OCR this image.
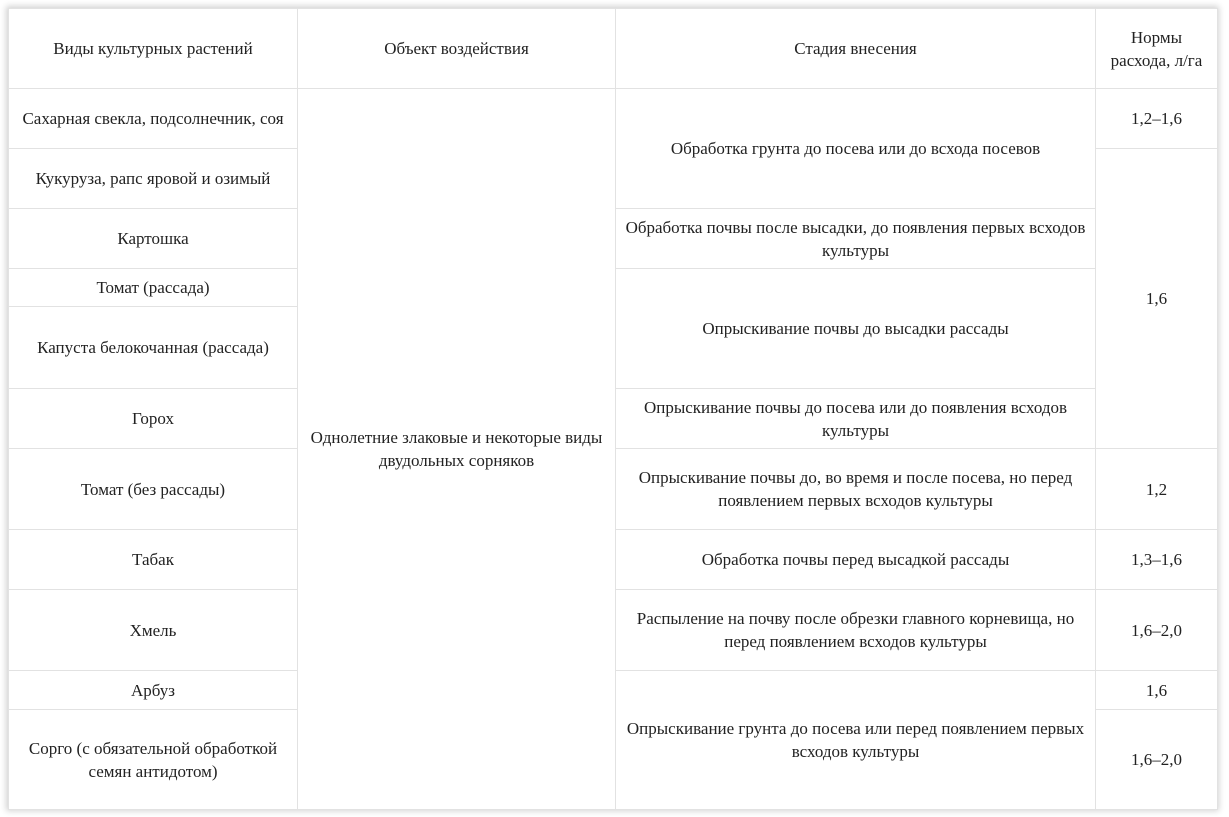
Виды культурных растений	Объект воздействия	Стадия внесения	Нормы расхода, л/га
Сахарная свекла, подсолнечник, соя	Однолетние злаковые и некоторые виды двудольных сорняков	Обработка грунта до посева или до всхода посевов	1,2–1,6
Кукуруза, рапс яровой и озимый			1,6
Картошка		Обработка почвы после высадки, до появления первых всходов культуры	
Томат (рассада)		Опрыскивание почвы до высадки рассады	
Капуста белокочанная (рассада)			
Горох		Опрыскивание почвы до посева или до появления всходов культуры	
Томат (без рассады)		Опрыскивание почвы до, во время и после посева, но перед появлением первых всходов культуры	1,2
Табак		Обработка почвы перед высадкой рассады	1,3–1,6
Хмель		Распыление на почву после обрезки главного корневища, но перед появлением всходов культуры	1,6–2,0
Арбуз		Опрыскивание грунта до посева или перед появлением первых всходов культуры	1,6
Сорго (с обязательной обработкой семян антидотом)			1,6–2,0
